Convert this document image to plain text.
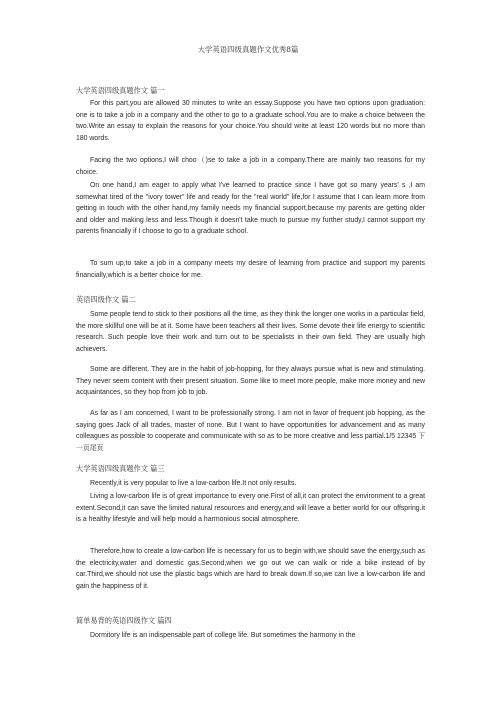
大学英语四级真题作文优秀8篇
大学英语四级真题作文 篇一

For this part,you are allowed 30 minutes to write an essay.Suppose you have two options upon graduation: one is to take a job in a company and the other to go to a graduate school.You are to make a choice between the two.Write an essay to explain the reasons for your choice.You should write at least 120 words but no more than 180 words.

Facing the two options,I will choo（)se to take a job in a company.There are mainly two reasons for my choice.

On one hand,I am eager to apply what I've learned to practice since I have got so many years' s ,I am somewhat tired of the "ivory tower" life and ready for the "real world" life,for I assume that I can learn more from getting in touch with the other hand,my family needs my financial support,because my parents are getting older and older and making less and less.Though it doesn't take much to pursue my further study,I cannot support my parents financially if I choose to go to a graduate school.

To sum up,to take a job in a company meets my desire of learning from practice and support my parents financially,which is a better choice for me.

英语四级作文 篇二

Some people tend to stick to their positions all the time, as they think the longer one works in a particular field, the more skillful one will be at it. Some have been teachers all their lives. Some devote their life energy to scientific research. Such people love their work and turn out to be specialists in their own field. They are usually high achievers.

Some are different. They are in the habit of job-hopping, for they always pursue what is new and stimulating. They never seem content with their present situation. Some like to meet more people, make more money and new acquaintances, so they hop from job to job.

As far as I am concerned, I want to be professionally strong. I am not in favor of frequent job hopping, as the saying goes Jack of all trades, master of none. But I want to have opportunities for advancement and as many colleagues as possible to cooperate and communicate with so as to be more creative and less partial.1/5 12345 下一页尾页

大学英语四级真题作文 篇三

Recently,it is very popular to live a low-carbon life.It not only results.

Living a low-carbon life is of great importance to every one.First of all,it can protect the environment to a great extent.Second,it can save the limited natural resources and energy,and will leave a better world for our offspring.it is a healthy lifestyle and will help mould a harmonious social atmosphere.

Therefore,how to create a low-carbon life is necessary for us to begin with,we should save the energy,such as the electricity,water and domestic gas.Second,when we go out we can walk or ride a bike instead of by car.Third,we should not use the plastic bags which are hard to break down.If so,we can live a low-carbon life and gain the happiness of it.

简单易背的英语四级作文 篇四

Dormitory life is an indispensable part of college life. But sometimes the harmony in the
